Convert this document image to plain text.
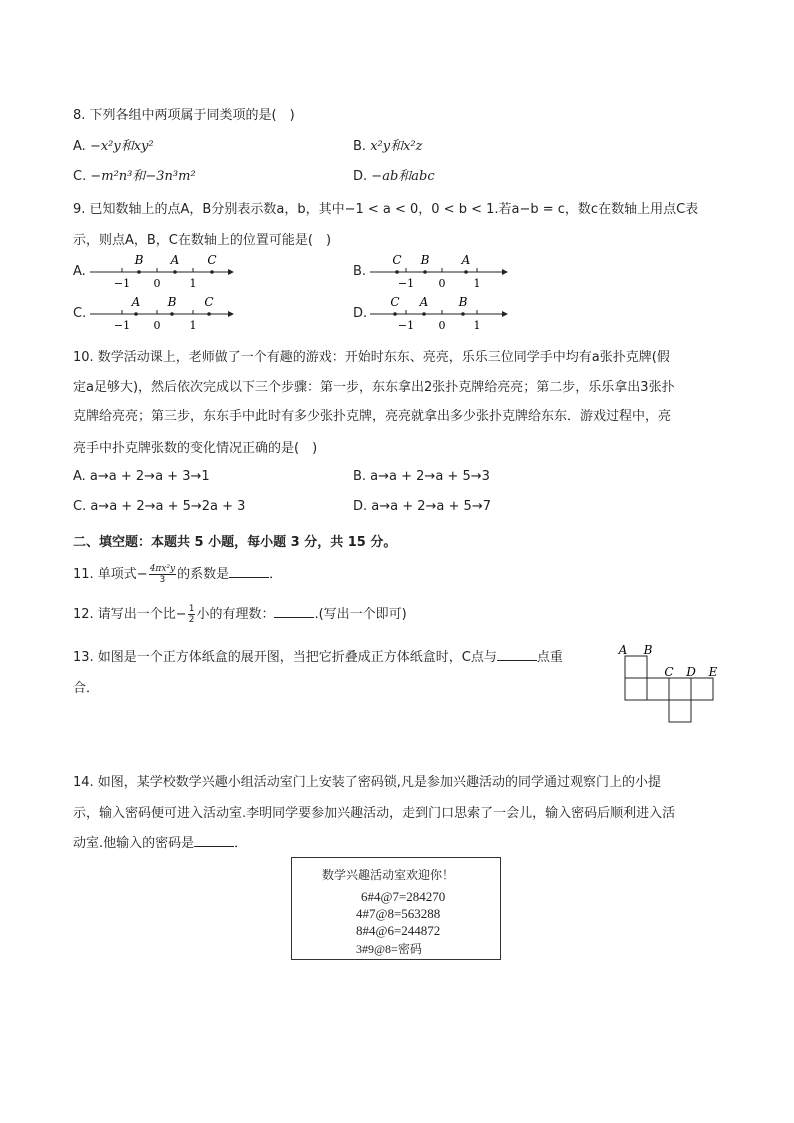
8. 下列各组中两项属于同类项的是(　)
A. −x²y和xy²	B. x²y和x²z
C. −m²n³和−3n³m²	D. −ab和abc
9. 已知数轴上的点A，B分别表示数a，b，其中−1 < a < 0，0 < b < 1.若a−b = c，数c在数轴上用点C表
示，则点A，B，C在数轴上的位置可能是(　)
A.
B A C
−1 0	1
B.
C B	A
−1 0	1
C.
A B C
−1 0	1
D.
C A	B
−1 0	1
10. 数学活动课上，老师做了一个有趣的游戏：开始时东东、亮亮，乐乐三位同学手中均有a张扑克牌(假
定a足够大)，然后依次完成以下三个步骤：第一步，东东拿出2张扑克牌给亮亮；第二步，乐乐拿出3张扑
克牌给亮亮；第三步，东东手中此时有多少张扑克牌，亮亮就拿出多少张扑克牌给东东．游戏过程中，亮
亮手中扑克牌张数的变化情况正确的是(　)
A. a→a + 2→a + 3→1	B. a→a + 2→a + 5→3
C. a→a + 2→a + 5→2a + 3	D. a→a + 2→a + 5→7
二、填空题：本题共 5 小题，每小题 3 分，共 15 分。
11. 单项式− $\frac{\text{4πx²y}}{3}$ 的系数是	．
12. 请写出一个比− $\frac{1}{2}$ 小的有理数：	.(写出一个即可)
13. 如图是一个正方体纸盒的展开图，当把它折叠成正方体纸盒时，C点与	点重
合．
A B
C D E
14. 如图，某学校数学兴趣小组活动室门上安装了密码锁,凡是参加兴趣活动的同学通过观察门上的小提
示，输入密码便可进入活动室.李明同学要参加兴趣活动，走到门口思索了一会儿，输入密码后顺利进入活
动室.他输入的密码是	．
数学兴趣活动室欢迎你！
6#4@7=284270
4#7@8=563288
8#4@6=244872
3#9@8=密码
